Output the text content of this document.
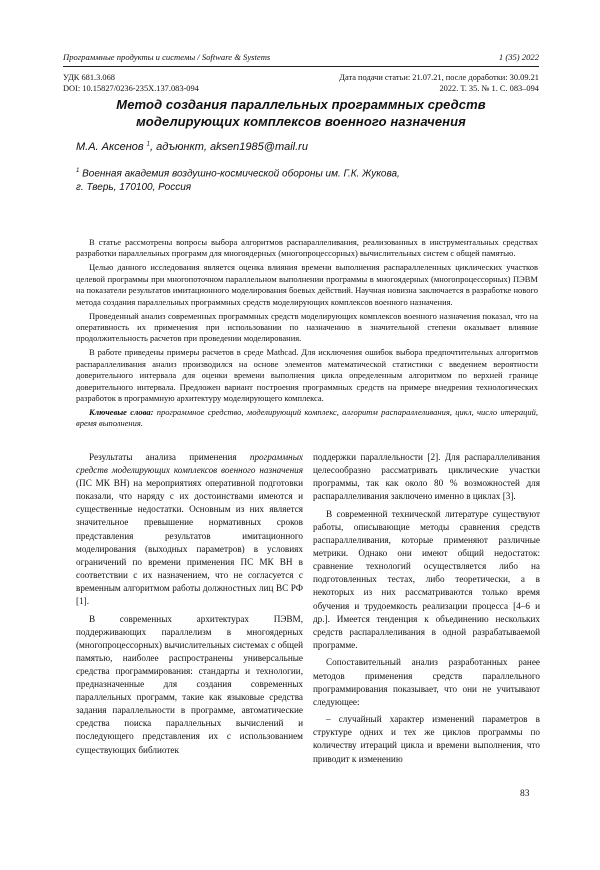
Программные продукты и системы / Software & Systems	1 (35) 2022
УДК 681.3.068	Дата подачи статьи: 21.07.21, после доработки: 30.09.21
DOI: 10.15827/0236-235X.137.083-094	2022. Т. 35. № 1. С. 083–094
Метод создания параллельных программных средств
моделирующих комплексов военного назначения
М.А. Аксенов $^1$, адъюнкт, aksen1985@mail.ru
$^1$ Военная академия воздушно-космической обороны им. Г.К. Жукова,
г. Тверь, 170100, Россия

В статье рассмотрены вопросы выбора алгоритмов распараллеливания, реализованных в инструментальных средствах разработки параллельных программ для многоядерных (многопроцессорных) вычислительных систем с общей памятью.

Целью данного исследования является оценка влияния времени выполнения распараллеленных циклических участков целевой программы при многопоточном параллельном выполнении программы в многоядерных (многопроцессорных) ПЭВМ на показатели результатов имитационного моделирования боевых действий. Научная новизна заключается в разработке нового метода создания параллельных программных средств моделирующих комплексов военного назначения.

Проведенный анализ современных программных средств моделирующих комплексов военного назначения показал, что на оперативность их применения при использовании по назначению в значительной степени оказывает влияние продолжительность расчетов при проведении моделирования.

В работе приведены примеры расчетов в среде Mathcad. Для исключения ошибок выбора предпочтительных алгоритмов распараллеливания анализ производился на основе элементов математической статистики с введением вероятности доверительного интервала для оценки времени выполнения цикла определенным алгоритмом по верхней границе доверительного интервала. Предложен вариант построения программных средств на примере внедрения технологических разработок в программную архитектуру моделирующего комплекса.

Ключевые слова: программное средство, моделирующий комплекс, алгоритм распараллеливания, цикл, число итераций, время выполнения.

Результаты анализа применения программных средств моделирующих комплексов военного назначения (ПС МК ВН) на мероприятиях оперативной подготовки показали, что наряду с их достоинствами имеются и существенные недостатки. Основным из них является значительное превышение нормативных сроков представления результатов имитационного моделирования (выходных параметров) в условиях ограничений по времени применения ПС МК ВН в соответствии с их назначением, что не согласуется с временным алгоритмом работы должностных лиц ВС РФ [1].

В современных архитектурах ПЭВМ, поддерживающих параллелизм в многоядерных (многопроцессорных) вычислительных системах с общей памятью, наиболее распространены универсальные средства программирования: стандарты и технологии, предназначенные для создания современных параллельных программ, такие как языковые средства задания параллельности в программе, автоматические средства поиска параллельных вычислений и последующего представления их с использованием существующих библиотек

поддержки параллельности [2]. Для распараллеливания целесообразно рассматривать циклические участки программы, так как около 80 % возможностей для распараллеливания заключено именно в циклах [3].

В современной технической литературе существуют работы, описывающие методы сравнения средств распараллеливания, которые применяют различные метрики. Однако они имеют общий недостаток: сравнение технологий осуществляется либо на подготовленных тестах, либо теоретически, а в некоторых из них рассматриваются только время обучения и трудоемкость реализации процесса [4–6 и др.]. Имеется тенденция к объединению нескольких средств распараллеливания в одной разрабатываемой программе.

Сопоставительный анализ разработанных ранее методов применения средств параллельного программирования показывает, что они не учитывают следующее:

– случайный характер изменений параметров в структуре одних и тех же циклов программы по количеству итераций цикла и времени выполнения, что приводит к изменению

83
